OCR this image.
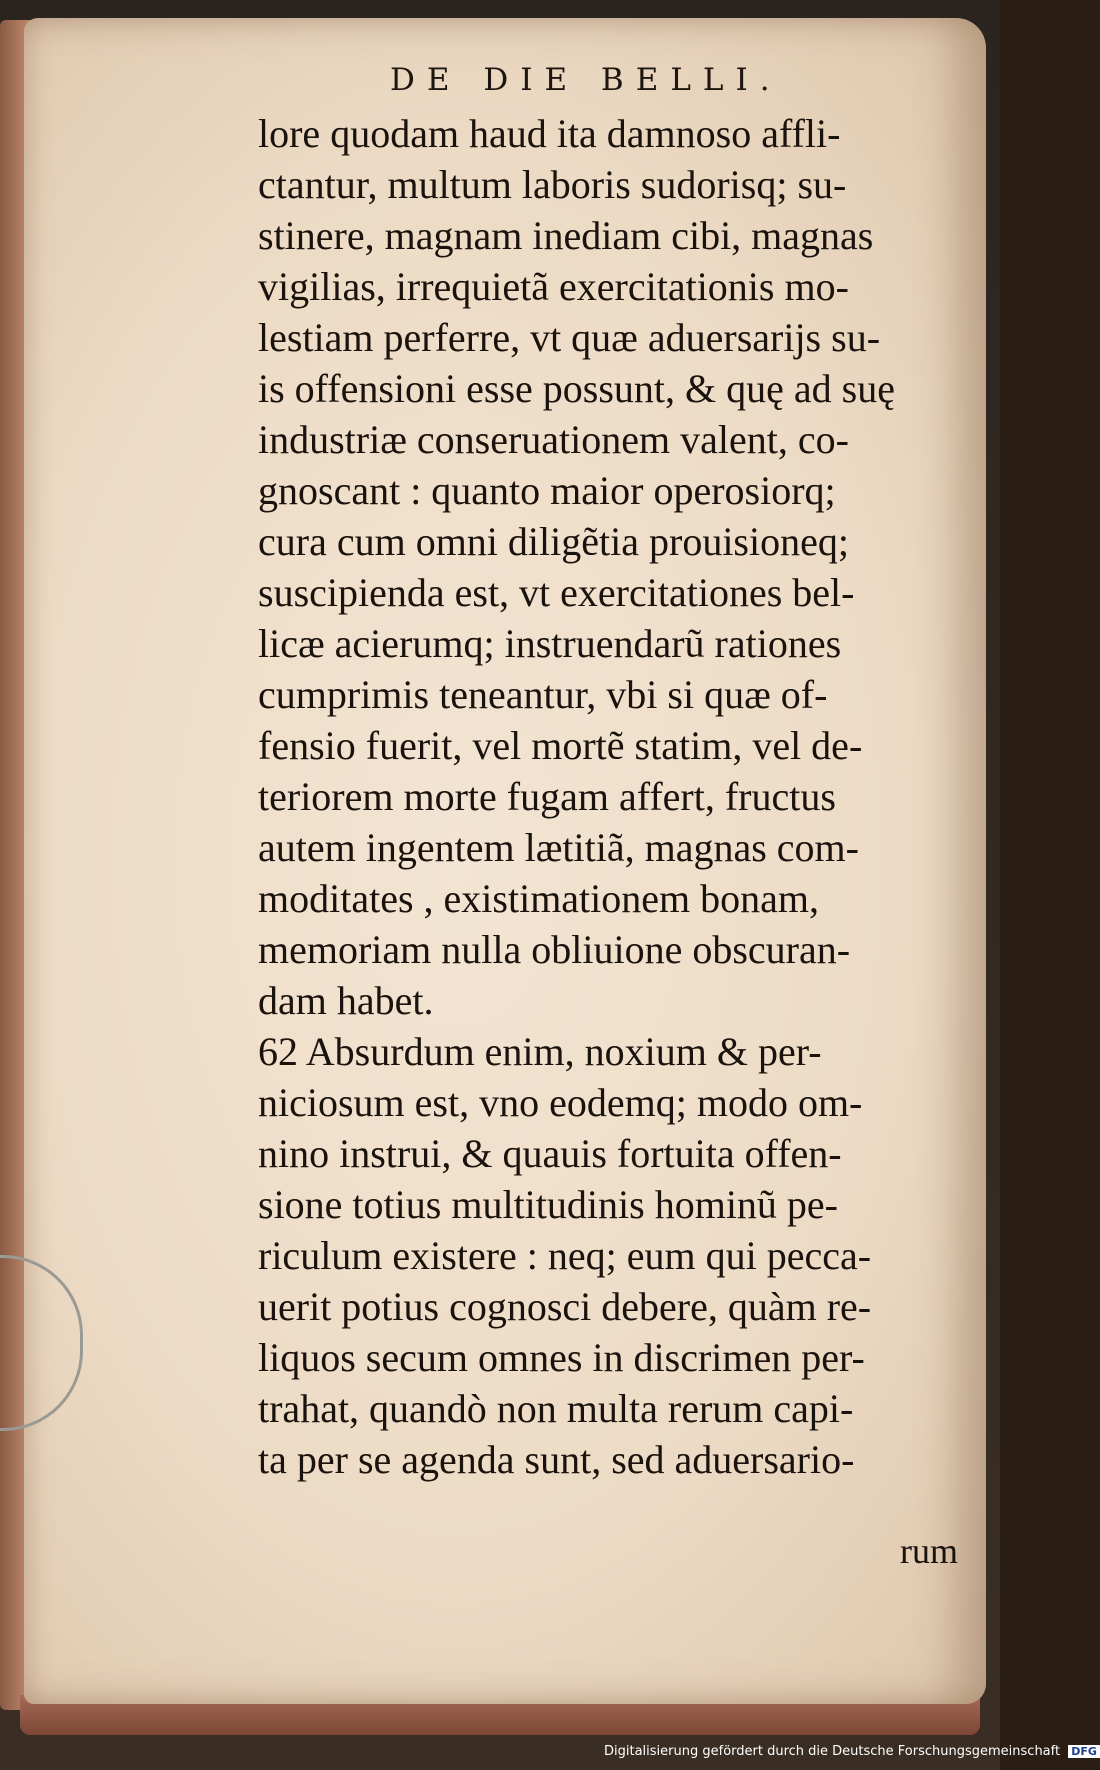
DE DIE BELLI.
lore quodam haud ita damnoso affli-
ctantur, multum laboris sudorisq; su-
stinere, magnam inediam cibi, magnas
vigilias, irrequietã exercitationis mo-
lestiam perferre, vt quæ aduersarijs su-
is offensioni esse possunt, & quę ad suę
industriæ conseruationem valent, co-
gnoscant : quanto maior operosiorq;
cura cum omni diligẽtia prouisioneq;
suscipienda est, vt exercitationes bel-
licæ acierumq; instruendarũ rationes
cumprimis teneantur, vbi si quæ of-
fensio fuerit, vel mortẽ statim, vel de-
teriorem morte fugam affert, fructus
autem ingentem lætitiã, magnas com-
moditates , existimationem bonam,
memoriam nulla obliuione obscuran-
dam habet.
62 Absurdum enim, noxium & per-
niciosum est, vno eodemq; modo om-
nino instrui, & quauis fortuita offen-
sione totius multitudinis hominũ pe-
riculum existere : neq; eum qui pecca-
uerit potius cognosci debere, quàm re-
liquos secum omnes in discrimen per-
trahat, quandò non multa rerum capi-
ta per se agenda sunt, sed aduersario-
rum
Digitalisierung gefördert durch die Deutsche Forschungsgemeinschaft DFG
